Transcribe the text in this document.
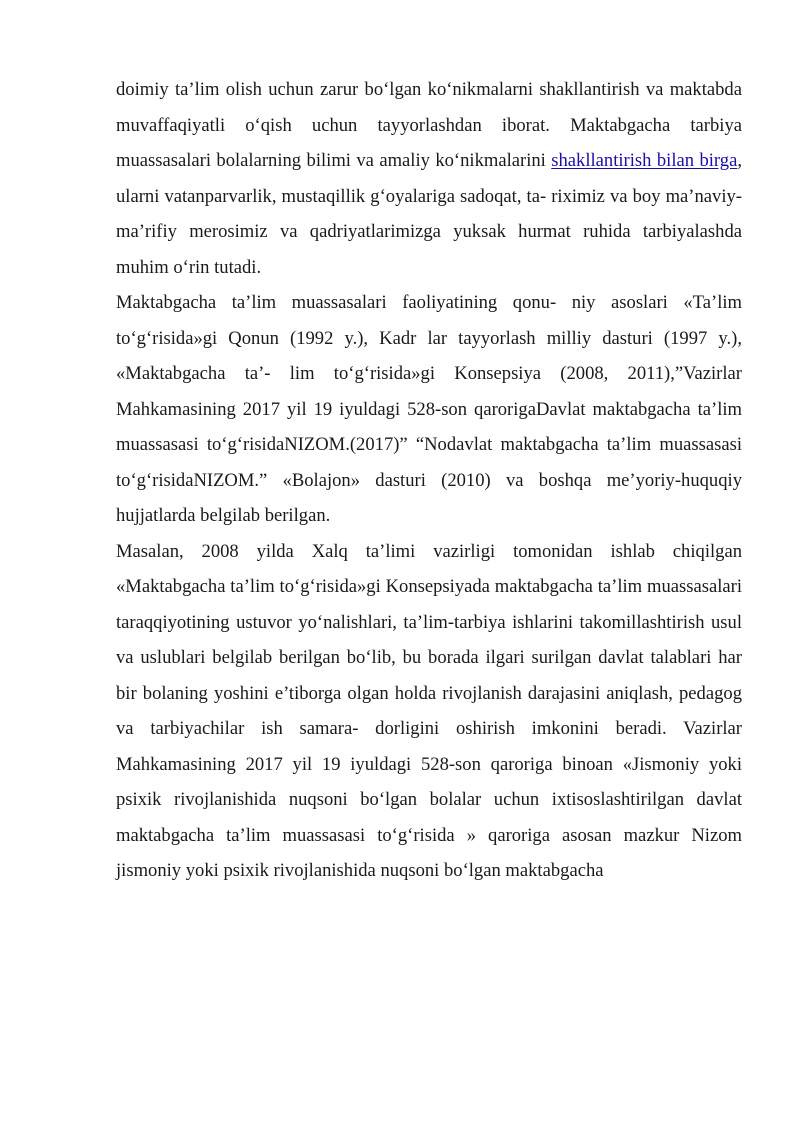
doimiy ta’lim olish uchun zarur bo‘lgan ko‘nikmalarni shakllantirish va maktabda muvaffaqiyatli o‘qish uchun tayyorlashdan iborat. Maktabgacha tarbiya muassasalari bolalarning bilimi va amaliy ko‘nikmalarini shakllantirish bilan birga, ularni vatanparvarlik, mustaqillik g‘oyalariga sadoqat, ta- riximiz va boy ma’naviy-ma’rifiy merosimiz va qadriyatlarimizga yuksak hurmat ruhida tarbiyalashda muhim o‘rin tutadi.

Maktabgacha ta’lim muassasalari faoliyatining qonu- niy asoslari «Ta’lim to‘g‘risida»gi Qonun (1992 y.), Kadr lar tayyorlash milliy dasturi (1997 y.), «Maktabgacha ta’- lim to‘g‘risida»gi Konsepsiya (2008, 2011),”Vazirlar Mahkamasining 2017 yil 19 iyuldagi 528-son qarorigaDavlat maktabgacha ta’lim muassasasi to‘g‘risidaNIZOM.(2017)” “Nodavlat maktabgacha ta’lim muassasasi to‘g‘risidaNIZOM.” «Bolajon» dasturi (2010) va boshqa me’yoriy-huquqiy hujjatlarda belgilab berilgan.

Masalan, 2008 yilda Xalq ta’limi vazirligi tomonidan ishlab chiqilgan «Maktabgacha ta’lim to‘g‘risida»gi Konsepsiyada maktabgacha ta’lim muassasalari taraqqiyotining ustuvor yo‘nalishlari, ta’lim-tarbiya ishlarini takomillashtirish usul va uslublari belgilab berilgan bo‘lib, bu borada ilgari surilgan davlat talablari har bir bolaning yoshini e’tiborga olgan holda rivojlanish darajasini aniqlash, pedagog va tarbiyachilar ish samara- dorligini oshirish imkonini beradi. Vazirlar Mahkamasining 2017 yil 19 iyuldagi 528-son qaroriga binoan «Jismoniy yoki psixik rivojlanishida nuqsoni bo‘lgan bolalar uchun ixtisoslashtirilgan davlat maktabgacha ta’lim muassasasi to‘g‘risida » qaroriga asosan mazkur Nizom jismoniy yoki psixik rivojlanishida nuqsoni bo‘lgan maktabgacha
